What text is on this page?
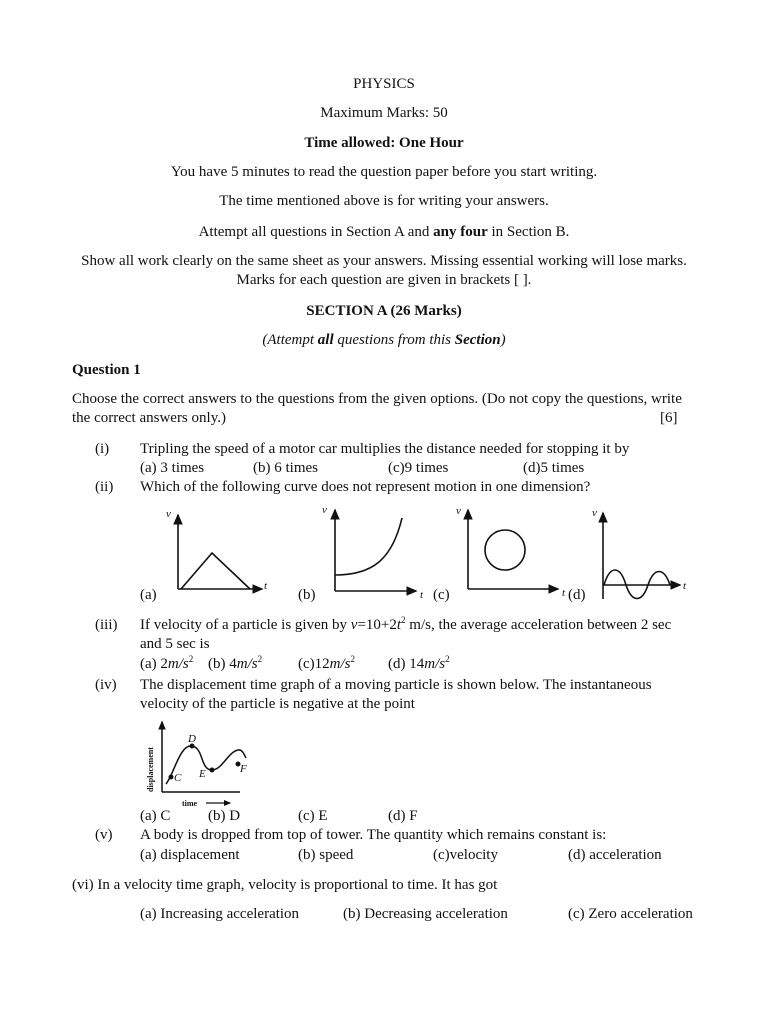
PHYSICS
Maximum Marks: 50
Time allowed: One Hour
You have 5 minutes to read the question paper before you start writing.
The time mentioned above is for writing your answers.
Attempt all questions in Section A and any four in Section B.
Show all work clearly on the same sheet as your answers. Missing essential working will lose marks.
Marks for each question are given in brackets [ ].
SECTION A (26 Marks)
(Attempt all questions from this Section)
Question 1
Choose the correct answers to the questions from the given options. (Do not copy the questions, write
the correct answers only.)	[6]
(i) Tripling the speed of a motor car multiplies the distance needed for stopping it by
(a) 3 times	(b) 6 times	(c)9 times	(d)5 times
(ii) Which of the following curve does not represent motion in one dimension?
v
t
v
t
v
t
v
t
(a)	(b)	(c)	(d)
(iii) If velocity of a particle is given by $v=10+2t^2$ m/s, the average acceleration between 2 sec
and 5 sec is
(a) $2m/s^2$ (b) $4m/s^2$ $(c)12m/s^2$ (d) $14m/s^2$
(iv) The displacement time graph of a moving particle is shown below. The instantaneous
velocity of the particle is negative at the point
C
D
E	F
displacement
time
(a) C	(b) D	(c) E	(d) F
(v) A body is dropped from top of tower. The quantity which remains constant is:
(a) displacement	(b) speed	(c)velocity	(d) acceleration
(vi) In a velocity time graph, velocity is proportional to time. It has got
(a) Increasing acceleration	(b) Decreasing acceleration	(c) Zero acceleration
